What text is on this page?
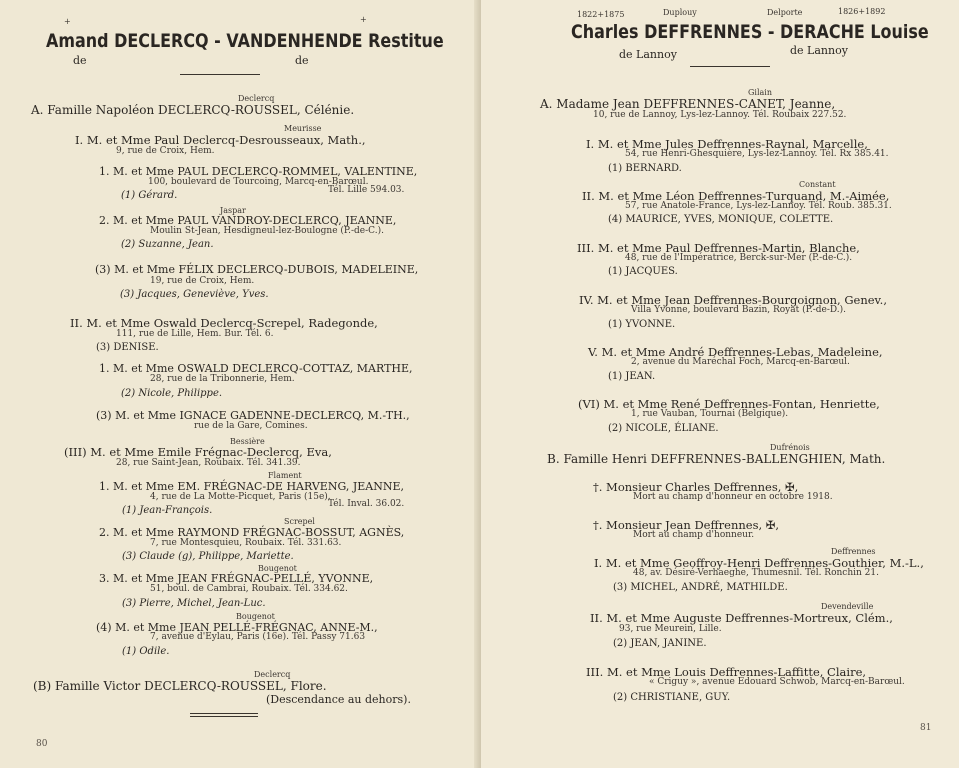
+	+
Amand DECLERCQ - VANDENHENDE Restitue
de	de
Declercq
A. Famille Napoléon DECLERCQ-ROUSSEL, Célénie.
Meurisse
I. M. et Mme Paul Declercq-Desrousseaux, Math.,
9, rue de Croix, Hem.
1. M. et Mme PAUL DECLERCQ-ROMMEL, VALENTINE,
100, boulevard de Tourcoing, Marcq-en-Barœul.
Tél. Lille 594.03.
(1) Gérard.
Jaspar
2. M. et Mme PAUL VANDROY-DECLERCQ, JEANNE,
Moulin St-Jean, Hesdigneul-lez-Boulogne (P.-de-C.).
(2) Suzanne, Jean.
(3) M. et Mme FÉLIX DECLERCQ-DUBOIS, MADELEINE,
19, rue de Croix, Hem.
(3) Jacques, Geneviève, Yves.
II. M. et Mme Oswald Declercq-Screpel, Radegonde,
111, rue de Lille, Hem. Bur. Tél. 6.
(3) DENISE.
1. M. et Mme OSWALD DECLERCQ-COTTAZ, MARTHE,
28, rue de la Tribonnerie, Hem.
(2) Nicole, Philippe.
(3) M. et Mme IGNACE GADENNE-DECLERCQ, M.-TH.,
rue de la Gare, Comines.
Bessière
(III) M. et Mme Emile Frégnac-Declercq, Eva,
28, rue Saint-Jean, Roubaix. Tél. 341.39.
Flament
1. M. et Mme EM. FRÉGNAC-DE HARVENG, JEANNE,
4, rue de La Motte-Picquet, Paris (15e).
Tél. Inval. 36.02.
(1) Jean-François.
Screpel
2. M. et Mme RAYMOND FRÉGNAC-BOSSUT, AGNÈS,
7, rue Montesquieu, Roubaix. Tél. 331.63.
(3) Claude (g), Philippe, Mariette.
Bougenot
3. M. et Mme JEAN FRÉGNAC-PELLÉ, YVONNE,
51, boul. de Cambrai, Roubaix. Tél. 334.62.
(3) Pierre, Michel, Jean-Luc.
Bougenot
(4) M. et Mme JEAN PELLÉ-FRÉGNAC, ANNE-M.,
7, avenue d'Eylau, Paris (16e). Tél. Passy 71.63
(1) Odile.
Declercq
(B) Famille Victor DECLERCQ-ROUSSEL, Flore.
(Descendance au dehors).
80
1822+1875	Duplouy	Delporte	1826+1892
Charles DEFFRENNES - DERACHE Louise
de Lannoy	de Lannoy
Gilain
A. Madame Jean DEFFRENNES-CANET, Jeanne,
10, rue de Lannoy, Lys-lez-Lannoy. Tél. Roubaix 227.52.
I. M. et Mme Jules Deffrennes-Raynal, Marcelle,
54, rue Henri-Ghesquière, Lys-lez-Lannoy. Tél. Rx 385.41.
(1) BERNARD.
Constant
II. M. et Mme Léon Deffrennes-Turquand, M.-Aimée,
57, rue Anatole-France, Lys-lez-Lannoy. Tél. Roub. 385.31.
(4) MAURICE, YVES, MONIQUE, COLETTE.
III. M. et Mme Paul Deffrennes-Martin, Blanche,
48, rue de l'Impératrice, Berck-sur-Mer (P.-de-C.).
(1) JACQUES.
IV. M. et Mme Jean Deffrennes-Bourgoignon, Genev.,
Villa Yvonne, boulevard Bazin, Royat (P.-de-D.).
(1) YVONNE.
V. M. et Mme André Deffrennes-Lebas, Madeleine,
2, avenue du Maréchal Foch, Marcq-en-Barœul.
(1) JEAN.
(VI) M. et Mme René Deffrennes-Fontan, Henriette,
1, rue Vauban, Tournai (Belgique).
(2) NICOLE, ÉLIANE.
Dufrénois
B. Famille Henri DEFFRENNES-BALLENGHIEN, Math.
†. Monsieur Charles Deffrennes, ✠,
Mort au champ d'honneur en octobre 1918.
†. Monsieur Jean Deffrennes, ✠,
Mort au champ d'honneur.
Deffrennes
I. M. et Mme Geoffroy-Henri Deffrennes-Gouthier, M.-L.,
48, av. Désiré-Verhaeghe, Thumesnil. Tél. Ronchin 21.
(3) MICHEL, ANDRÉ, MATHILDE.
Devendeville
II. M. et Mme Auguste Deffrennes-Mortreux, Clém.,
93, rue Meurein, Lille.
(2) JEAN, JANINE.
III. M. et Mme Louis Deffrennes-Laffitte, Claire,
« Criguy », avenue Edouard Schwob, Marcq-en-Barœul.
(2) CHRISTIANE, GUY.
81
